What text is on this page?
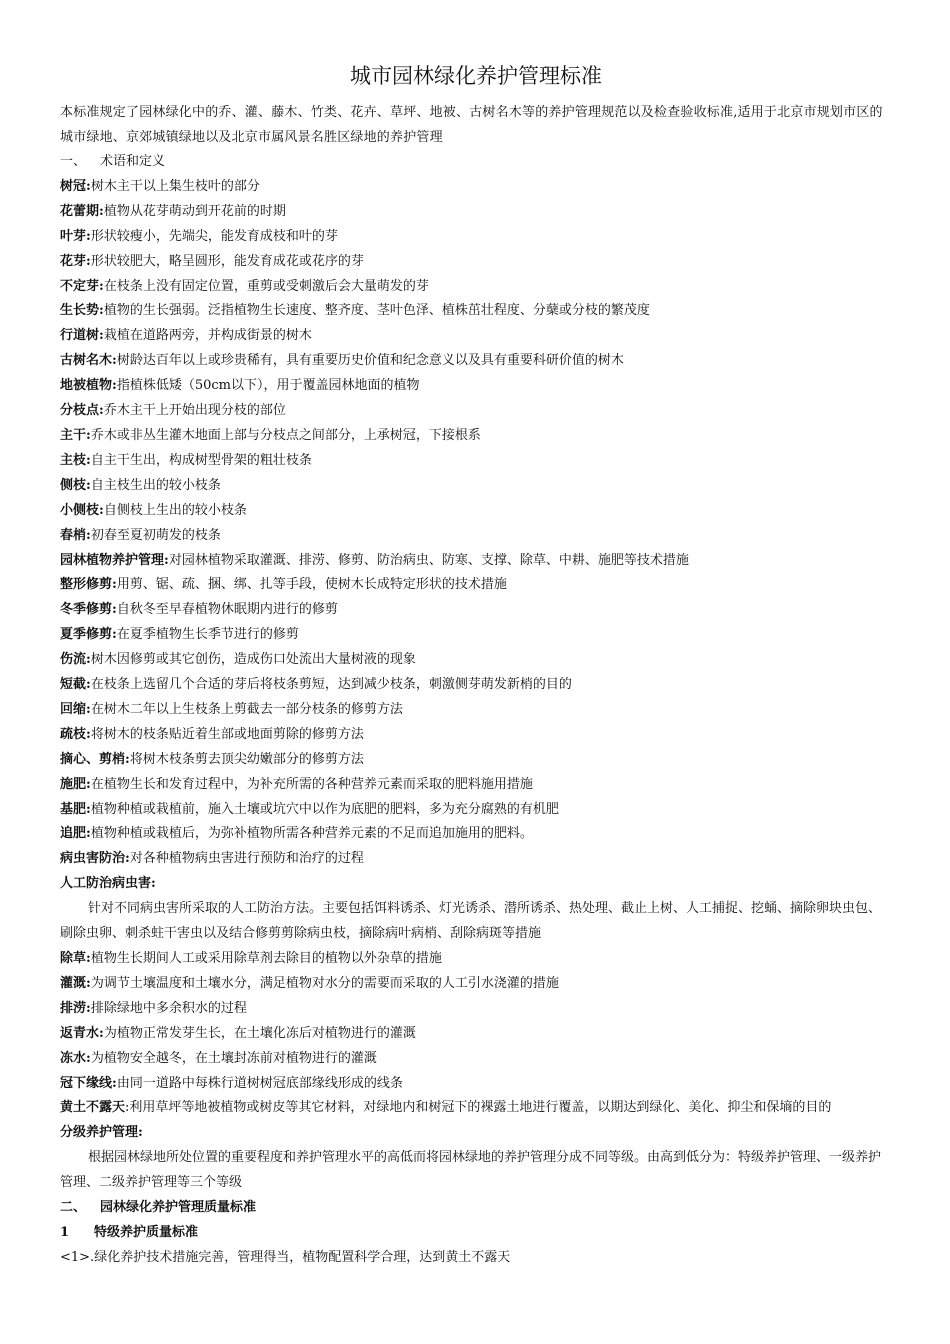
城市园林绿化养护管理标准

本标准规定了园林绿化中的乔、灌、藤木、竹类、花卉、草坪、地被、古树名木等的养护管理规范以及检查验收标准,适用于北京市规划市区的城市绿地、京郊城镇绿地以及北京市属风景名胜区绿地的养护管理

一、 术语和定义

树冠:树木主干以上集生枝叶的部分

花蕾期:植物从花芽萌动到开花前的时期

叶芽:形状较瘦小，先端尖，能发育成枝和叶的芽

花芽:形状较肥大，略呈圆形，能发育成花或花序的芽

不定芽:在枝条上没有固定位置，重剪或受刺激后会大量萌发的芽

生长势:植物的生长强弱。泛指植物生长速度、整齐度、茎叶色泽、植株茁壮程度、分蘖或分枝的繁茂度

行道树:栽植在道路两旁，并构成街景的树木

古树名木:树龄达百年以上或珍贵稀有，具有重要历史价值和纪念意义以及具有重要科研价值的树木

地被植物:指植株低矮（50cm以下），用于覆盖园林地面的植物

分枝点:乔木主干上开始出现分枝的部位

主干:乔木或非丛生灌木地面上部与分枝点之间部分，上承树冠，下接根系

主枝:自主干生出，构成树型骨架的粗壮枝条

侧枝:自主枝生出的较小枝条

小侧枝:自侧枝上生出的较小枝条

春梢:初春至夏初萌发的枝条

园林植物养护管理:对园林植物采取灌溉、排涝、修剪、防治病虫、防寒、支撑、除草、中耕、施肥等技术措施

整形修剪:用剪、锯、疏、捆、绑、扎等手段，使树木长成特定形状的技术措施

冬季修剪:自秋冬至早春植物休眠期内进行的修剪

夏季修剪:在夏季植物生长季节进行的修剪

伤流:树木因修剪或其它创伤，造成伤口处流出大量树液的现象

短截:在枝条上选留几个合适的芽后将枝条剪短，达到减少枝条，刺激侧芽萌发新梢的目的

回缩:在树木二年以上生枝条上剪截去一部分枝条的修剪方法

疏枝:将树木的枝条贴近着生部或地面剪除的修剪方法

摘心、剪梢:将树木枝条剪去顶尖幼嫩部分的修剪方法

施肥:在植物生长和发育过程中，为补充所需的各种营养元素而采取的肥料施用措施

基肥:植物种植或栽植前，施入土壤或坑穴中以作为底肥的肥料，多为充分腐熟的有机肥

追肥:植物种植或栽植后，为弥补植物所需各种营养元素的不足而追加施用的肥料。

病虫害防治:对各种植物病虫害进行预防和治疗的过程

人工防治病虫害:

针对不同病虫害所采取的人工防治方法。主要包括饵料诱杀、灯光诱杀、潜所诱杀、热处理、截止上树、人工捕捉、挖蛹、摘除卵块虫包、刷除虫卵、刺杀蛀干害虫以及结合修剪剪除病虫枝，摘除病叶病梢、刮除病斑等措施

除草:植物生长期间人工或采用除草剂去除目的植物以外杂草的措施

灌溉:为调节土壤温度和土壤水分，满足植物对水分的需要而采取的人工引水浇灌的措施

排涝:排除绿地中多余积水的过程

返青水:为植物正常发芽生长，在土壤化冻后对植物进行的灌溉

冻水:为植物安全越冬，在土壤封冻前对植物进行的灌溉

冠下缘线:由同一道路中每株行道树树冠底部缘线形成的线条

黄土不露天:利用草坪等地被植物或树皮等其它材料，对绿地内和树冠下的裸露土地进行覆盖，以期达到绿化、美化、抑尘和保墒的目的

分级养护管理:

根据园林绿地所处位置的重要程度和养护管理水平的高低而将园林绿地的养护管理分成不同等级。由高到低分为：特级养护管理、一级养护管理、二级养护管理等三个等级

二、 园林绿化养护管理质量标准

1 特级养护质量标准

<1>.绿化养护技术措施完善，管理得当，植物配置科学合理，达到黄土不露天
